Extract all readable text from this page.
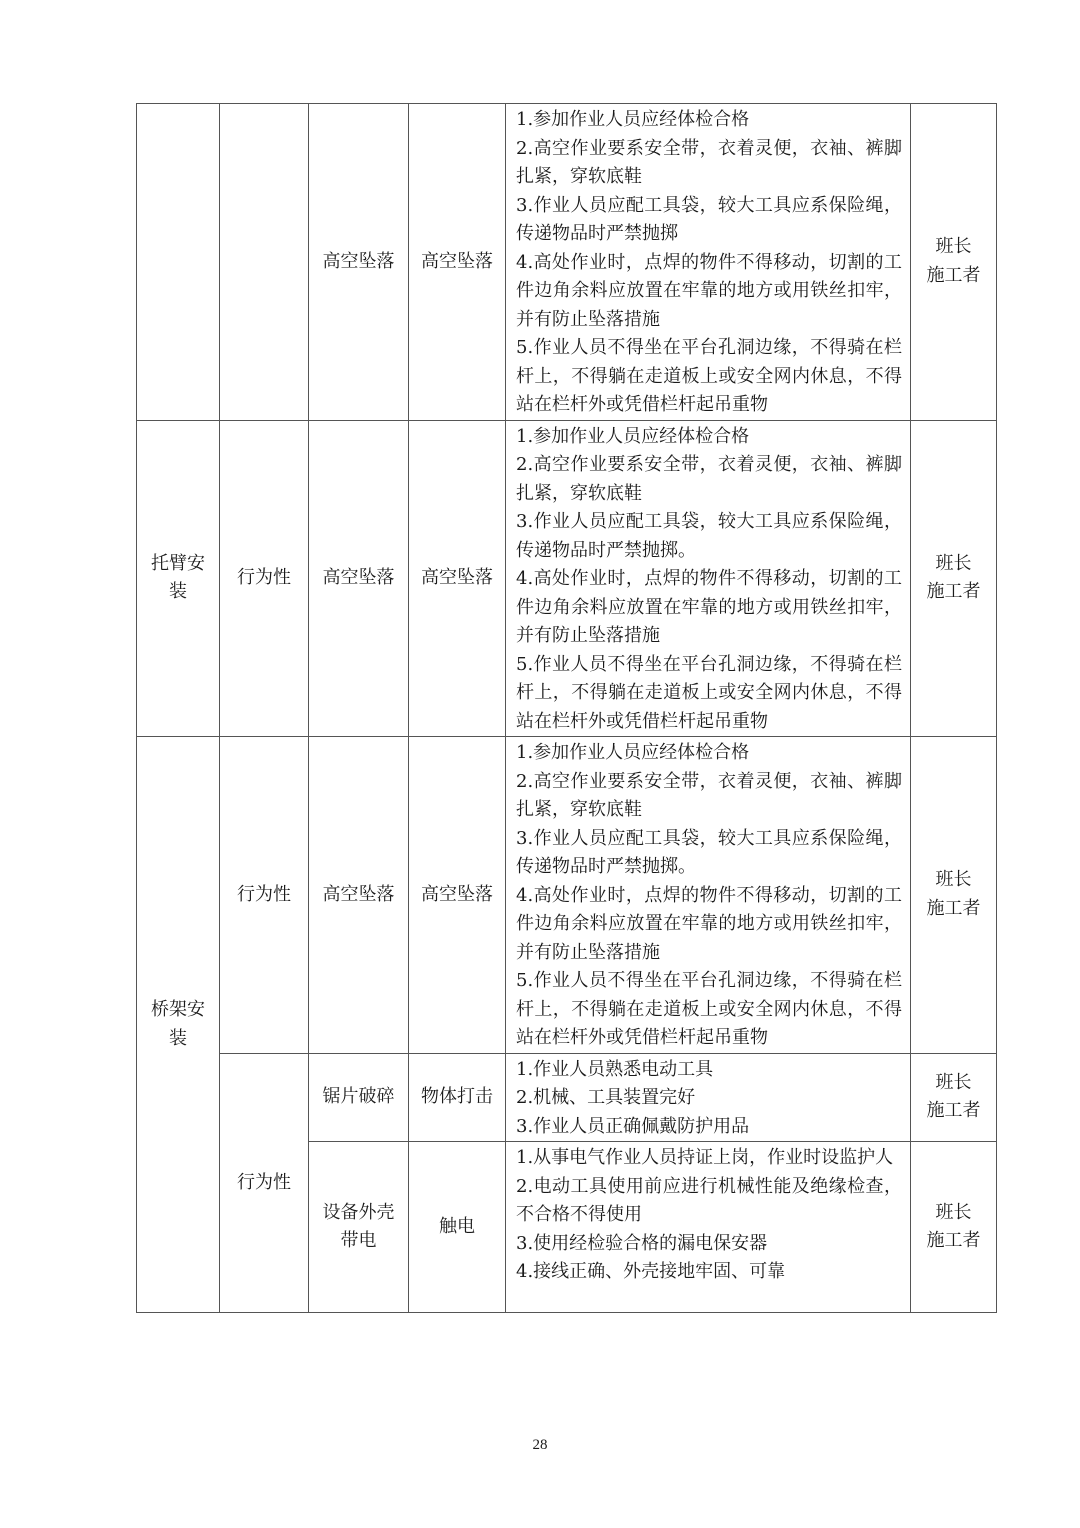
		高空坠落	高空坠落	1.参加作业人员应经体检合格
2.高空作业要系安全带，衣着灵便，衣袖、裤脚扎紧，穿软底鞋
3.作业人员应配工具袋，较大工具应系保险绳，传递物品时严禁抛掷
4.高处作业时，点焊的物件不得移动，切割的工件边角余料应放置在牢靠的地方或用铁丝扣牢，并有防止坠落措施
5.作业人员不得坐在平台孔洞边缘，不得骑在栏杆上，不得躺在走道板上或安全网内休息，不得站在栏杆外或凭借栏杆起吊重物	班长
施工者
托臂安装	行为性	高空坠落	高空坠落	1.参加作业人员应经体检合格
2.高空作业要系安全带，衣着灵便，衣袖、裤脚扎紧，穿软底鞋
3.作业人员应配工具袋，较大工具应系保险绳，传递物品时严禁抛掷。
4.高处作业时，点焊的物件不得移动，切割的工件边角余料应放置在牢靠的地方或用铁丝扣牢，并有防止坠落措施
5.作业人员不得坐在平台孔洞边缘，不得骑在栏杆上，不得躺在走道板上或安全网内休息，不得站在栏杆外或凭借栏杆起吊重物	班长
施工者
桥架安装	行为性	高空坠落	高空坠落	1.参加作业人员应经体检合格
2.高空作业要系安全带，衣着灵便，衣袖、裤脚扎紧，穿软底鞋
3.作业人员应配工具袋，较大工具应系保险绳，传递物品时严禁抛掷。
4.高处作业时，点焊的物件不得移动，切割的工件边角余料应放置在牢靠的地方或用铁丝扣牢，并有防止坠落措施
5.作业人员不得坐在平台孔洞边缘，不得骑在栏杆上，不得躺在走道板上或安全网内休息，不得站在栏杆外或凭借栏杆起吊重物	班长
施工者
	行为性	锯片破碎	物体打击	1.作业人员熟悉电动工具
2.机械、工具装置完好
3.作业人员正确佩戴防护用品	班长
施工者
		设备外壳带电	触电	1.从事电气作业人员持证上岗，作业时设监护人
2.电动工具使用前应进行机械性能及绝缘检查，不合格不得使用
3.使用经检验合格的漏电保安器
4.接线正确、外壳接地牢固、可靠	班长
施工者
28
